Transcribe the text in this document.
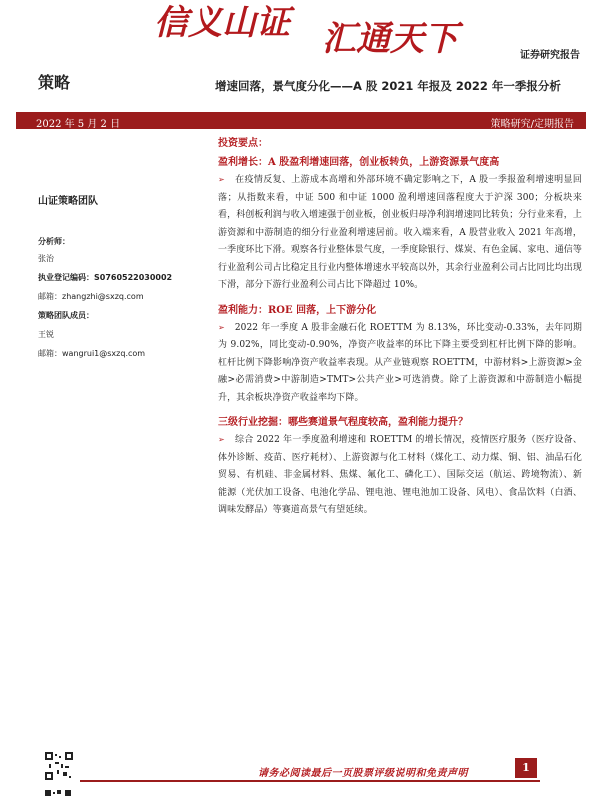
信义山证 汇通天下	证券研究报告
策略	增速回落，景气度分化——A 股 2021 年报及 2022 年一季报分析
2022 年 5 月 2 日	策略研究/定期报告
山证策略团队
分析师：
张治
执业登记编码：S0760522030002
邮箱：zhangzhi@sxzq.com
策略团队成员：
王锐
邮箱：wangrui1@sxzq.com
投资要点：
盈利增长：A 股盈利增速回落，创业板转负，上游资源景气度高
➢ 在疫情反复、上游成本高增和外部环境不确定影响之下，A 股一季报盈利增速明显回落；从指数来看，中证 500 和中证 1000 盈利增速回落程度大于沪深 300；分板块来看，科创板利润与收入增速强于创业板，创业板归母净利润增速同比转负；分行业来看，上游资源和中游制造的细分行业盈利增速居前。收入端来看，A 股营业收入 2021 年高增，一季度环比下滑。观察各行业整体景气度，一季度除银行、煤炭、有色金属、家电、通信等行业盈利公司占比稳定且行业内整体增速水平较高以外，其余行业盈利公司占比同比均出现下滑，部分下游行业盈利公司占比下降超过 10%。
盈利能力：ROE 回落，上下游分化
➢ 2022 年一季度 A 股非金融石化 ROETTM 为 8.13%，环比变动-0.33%，去年同期为 9.02%，同比变动-0.90%，净资产收益率的环比下降主要受到杠杆比例下降的影响。杠杆比例下降影响净资产收益率表现。从产业链观察 ROETTM，中游材料>上游资源>金融>必需消费>中游制造>TMT>公共产业>可选消费。除了上游资源和中游制造小幅提升，其余板块净资产收益率均下降。
三级行业挖掘：哪些赛道景气程度较高，盈利能力提升？
➢ 综合 2022 年一季度盈利增速和 ROETTM 的增长情况，疫情医疗服务（医疗设备、体外诊断、疫苗、医疗耗材）、上游资源与化工材料（煤化工、动力煤、铜、铝、油品石化贸易、有机硅、非金属材料、焦煤、氟化工、磷化工）、国际交运（航运、跨境物流）、新能源（光伏加工设备、电池化学品、锂电池、锂电池加工设备、风电）、食品饮料（白酒、调味发酵品）等赛道高景气有望延续。
请务必阅读最后一页股票评级说明和免责声明	1
